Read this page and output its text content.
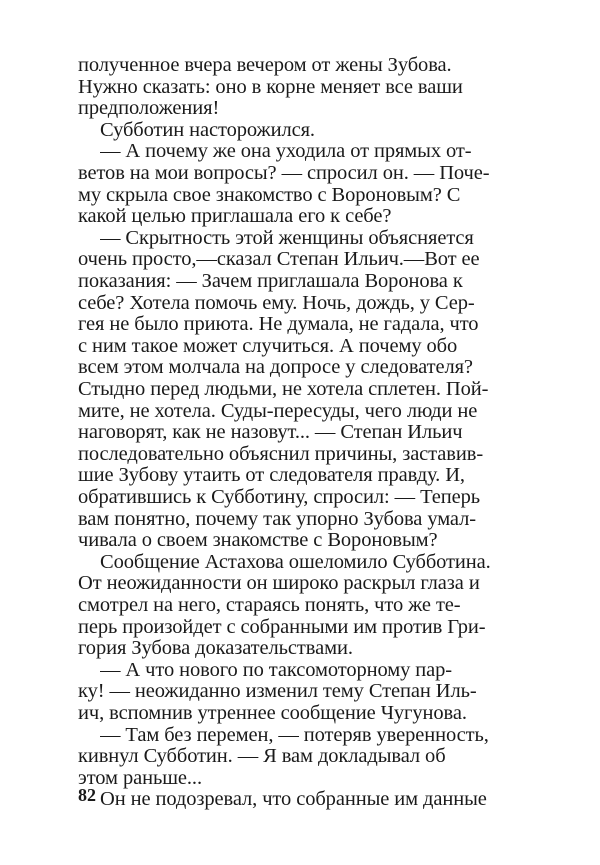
полученное вчера вечером от жены Зубова.
Нужно сказать: оно в корне меняет все ваши
предположения!
Субботин насторожился.
— А почему же она уходила от прямых от-
ветов на мои вопросы? — спросил он. — Поче-
му скрыла свое знакомство с Вороновым? С
какой целью приглашала его к себе?
— Скрытность этой женщины объясняется
очень просто,—сказал Степан Ильич.—Вот ее
показания: — Зачем приглашала Воронова к
себе? Хотела помочь ему. Ночь, дождь, у Сер-
гея не было приюта. Не думала, не гадала, что
с ним такое может случиться. А почему обо
всем этом молчала на допросе у следователя?
Стыдно перед людьми, не хотела сплетен. Пой-
мите, не хотела. Суды-пересуды, чего люди не
наговорят, как не назовут... — Степан Ильич
последовательно объяснил причины, заставив-
шие Зубову утаить от следователя правду. И,
обратившись к Субботину, спросил: — Теперь
вам понятно, почему так упорно Зубова умал-
чивала о своем знакомстве с Вороновым?
Сообщение Астахова ошеломило Субботина.
От неожиданности он широко раскрыл глаза и
смотрел на него, стараясь понять, что же те-
перь произойдет с собранными им против Гри-
гория Зубова доказательствами.
— А что нового по таксомоторному пар-
ку! — неожиданно изменил тему Степан Иль-
ич, вспомнив утреннее сообщение Чугунова.
— Там без перемен, — потеряв уверенность,
кивнул Субботин. — Я вам докладывал об
этом раньше...
Он не подозревал, что собранные им данные
82
